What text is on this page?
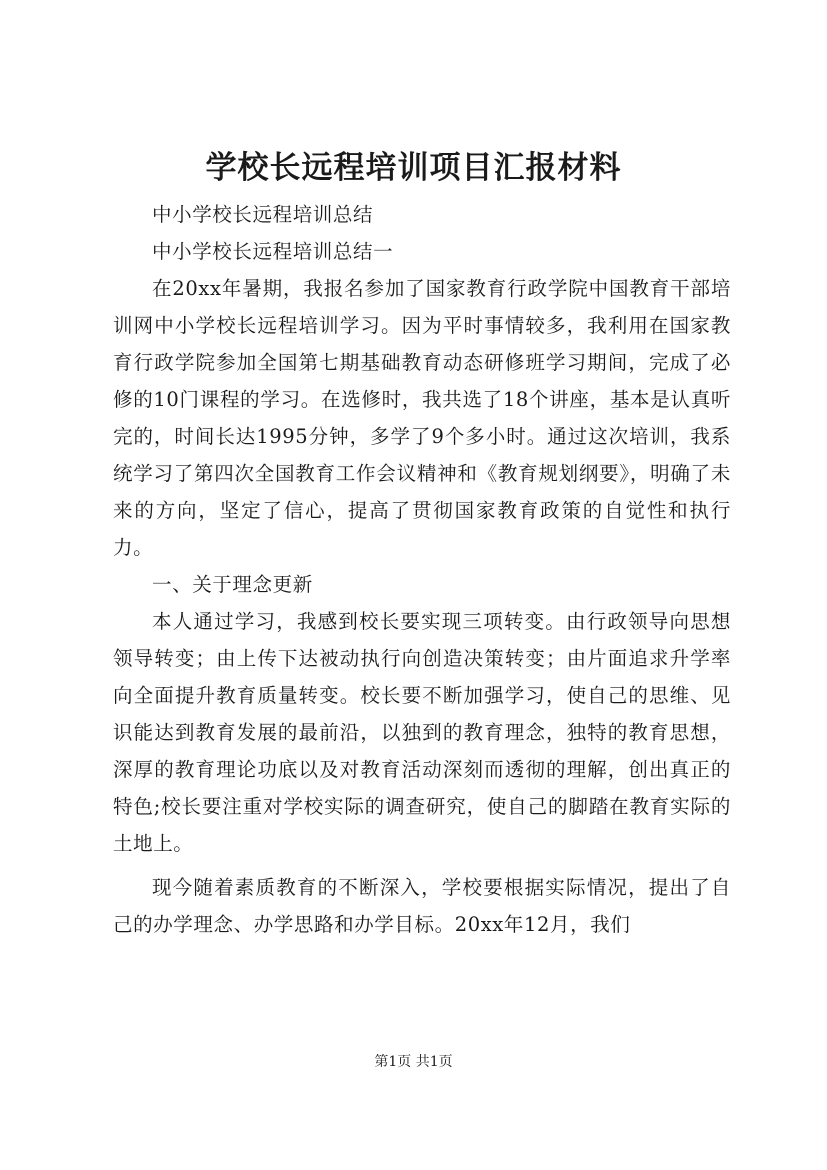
学校长远程培训项目汇报材料

中小学校长远程培训总结

中小学校长远程培训总结一

在20xx年暑期，我报名参加了国家教育行政学院中国教育干部培训网中小学校长远程培训学习。因为平时事情较多，我利用在国家教育行政学院参加全国第七期基础教育动态研修班学习期间，完成了必修的10门课程的学习。在选修时，我共选了18个讲座，基本是认真听完的，时间长达1995分钟，多学了9个多小时。通过这次培训，我系统学习了第四次全国教育工作会议精神和《教育规划纲要》，明确了未来的方向，坚定了信心，提高了贯彻国家教育政策的自觉性和执行力。

一、关于理念更新

本人通过学习，我感到校长要实现三项转变。由行政领导向思想领导转变；由上传下达被动执行向创造决策转变；由片面追求升学率向全面提升教育质量转变。校长要不断加强学习，使自己的思维、见识能达到教育发展的最前沿，以独到的教育理念，独特的教育思想，深厚的教育理论功底以及对教育活动深刻而透彻的理解，创出真正的特色;校长要注重对学校实际的调查研究，使自己的脚踏在教育实际的土地上。

现今随着素质教育的不断深入，学校要根据实际情况，提出了自己的办学理念、办学思路和办学目标。20xx年12月，我们

第1页 共1页
